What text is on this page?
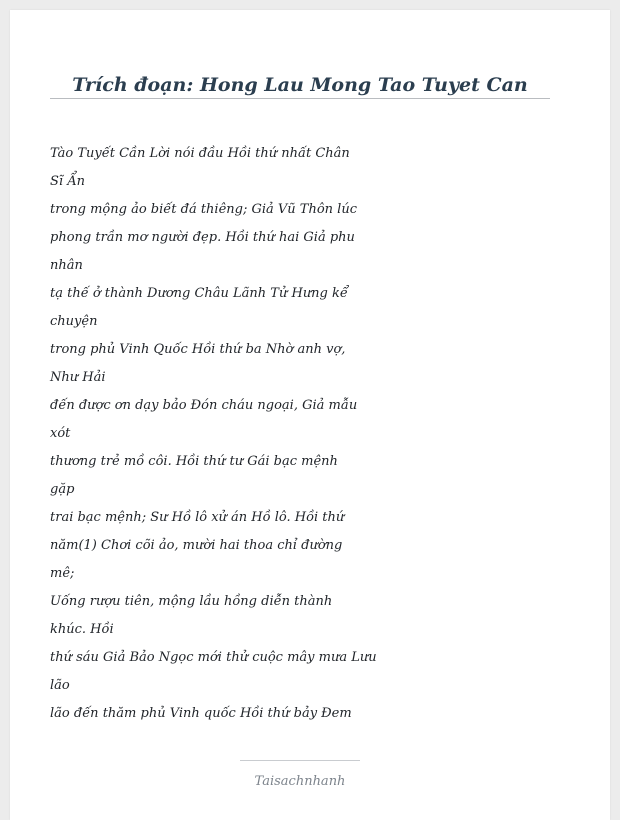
Trích đoạn: Hong Lau Mong Tao Tuyet Can
Tào Tuyết Cần Lời nói đầu Hồi thứ nhất Chân
Sĩ Ẩn
trong mộng ảo biết đá thiêng; Giả Vũ Thôn lúc
phong trần mơ người đẹp. Hồi thứ hai Giả phu
nhân
tạ thế ở thành Dương Châu Lãnh Tử Hưng kể
chuyện
trong phủ Vinh Quốc Hồi thứ ba Nhờ anh vợ,
Như Hải
đến được ơn dạy bảo Đón cháu ngoại, Giả mẫu
xót
thương trẻ mồ côi. Hồi thứ tư Gái bạc mệnh
gặp
trai bạc mệnh; Sư Hồ lô xử án Hồ lô. Hồi thứ
năm(1) Chơi cõi ảo, mười hai thoa chỉ đường
mê;
Uống rượu tiên, mộng lầu hồng diễn thành
khúc. Hồi
thứ sáu Giả Bảo Ngọc mới thử cuộc mây mưa Lưu
lão
lão đến thăm phủ Vinh quốc Hồi thứ bảy Đem
Taisachnhanh
